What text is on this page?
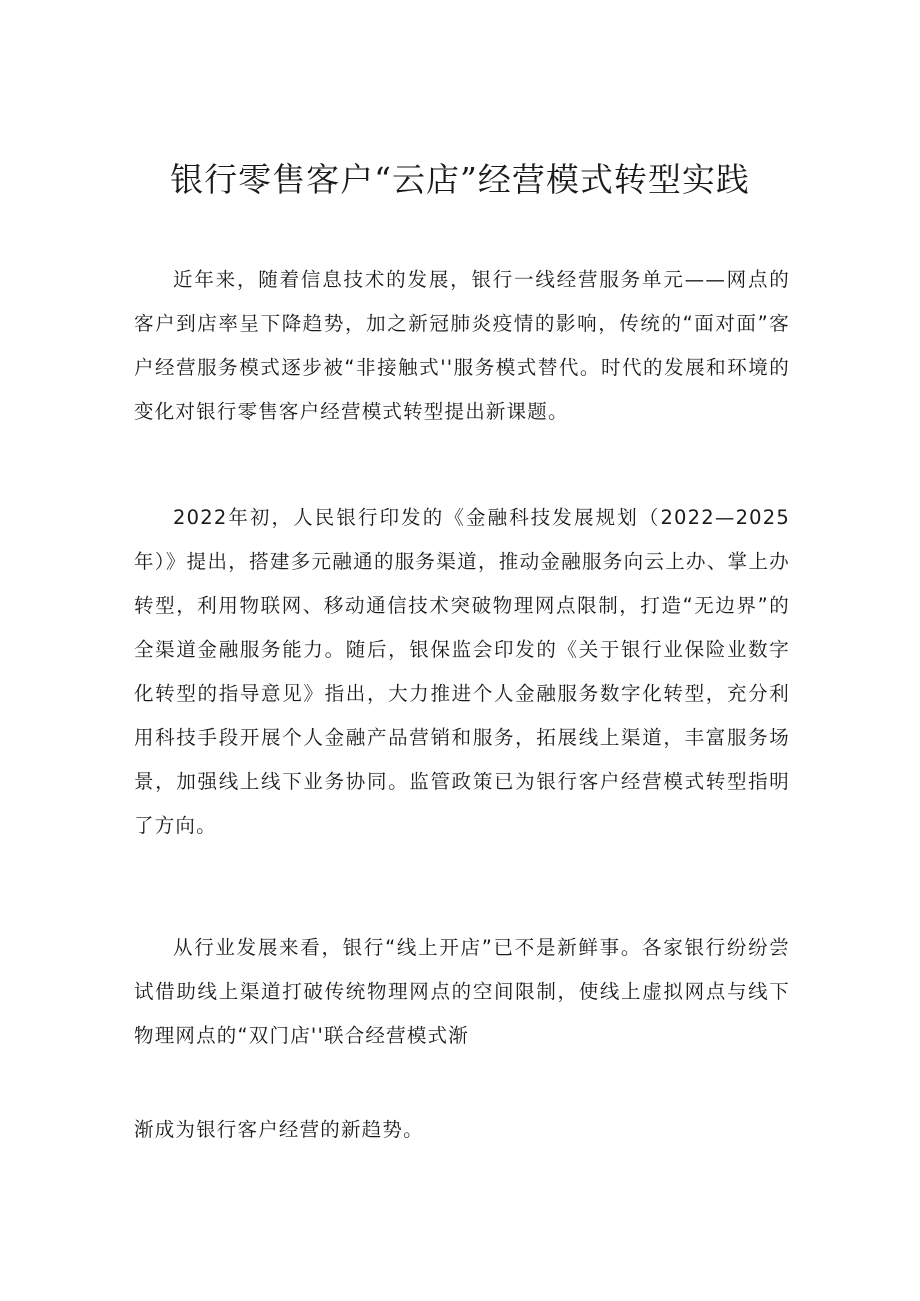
银行零售客户“云店”经营模式转型实践

近年来，随着信息技术的发展，银行一线经营服务单元——网点的客户到店率呈下降趋势，加之新冠肺炎疫情的影响，传统的“面对面”客户经营服务模式逐步被“非接触式''服务模式替代。时代的发展和环境的变化对银行零售客户经营模式转型提出新课题。

2022年初，人民银行印发的《金融科技发展规划（2022—2025年）》提出，搭建多元融通的服务渠道，推动金融服务向云上办、掌上办转型，利用物联网、移动通信技术突破物理网点限制，打造“无边界”的全渠道金融服务能力。随后，银保监会印发的《关于银行业保险业数字化转型的指导意见》指出，大力推进个人金融服务数字化转型，充分利用科技手段开展个人金融产品营销和服务，拓展线上渠道，丰富服务场景，加强线上线下业务协同。监管政策已为银行客户经营模式转型指明了方向。

从行业发展来看，银行“线上开店”已不是新鲜事。各家银行纷纷尝试借助线上渠道打破传统物理网点的空间限制，使线上虚拟网点与线下物理网点的“双门店''联合经营模式渐

渐成为银行客户经营的新趋势。
